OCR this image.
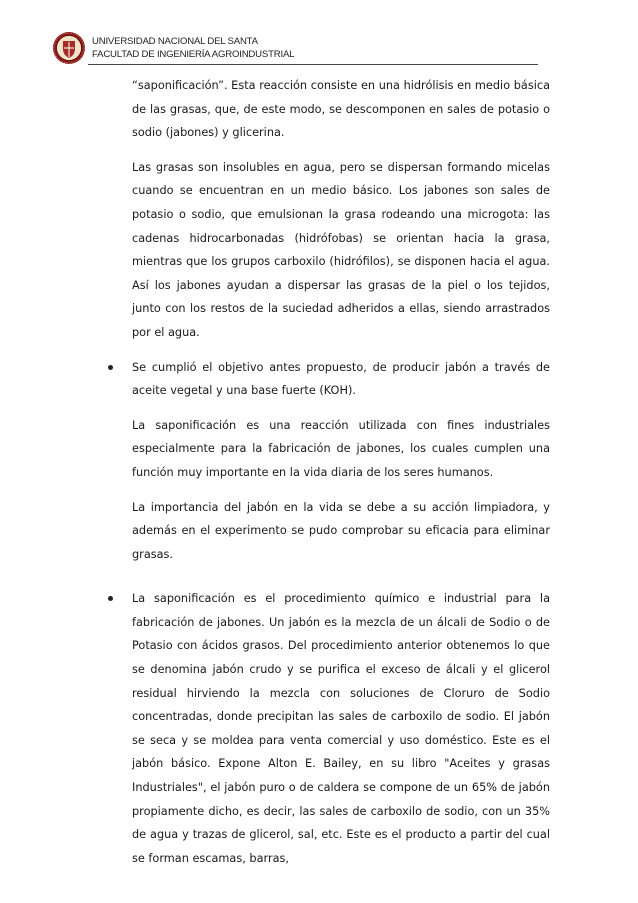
UNIVERSIDAD NACIONAL DEL SANTA
FACULTAD DE INGENIERÍA AGROINDUSTRIAL
“saponificación”. Esta reacción consiste en una hidrólisis en medio básica de las grasas, que, de este modo, se descomponen en sales de potasio o sodio (jabones) y glicerina.
Las grasas son insolubles en agua, pero se dispersan formando micelas cuando se encuentran en un medio básico. Los jabones son sales de potasio o sodio, que emulsionan la grasa rodeando una microgota: las cadenas hidrocarbonadas (hidrófobas) se orientan hacia la grasa, mientras que los grupos carboxilo (hidrófilos), se disponen hacia el agua. Así los jabones ayudan a dispersar las grasas de la piel o los tejidos, junto con los restos de la suciedad adheridos a ellas, siendo arrastrados por el agua.
Se cumplió el objetivo antes propuesto, de producir jabón a través de aceite vegetal y una base fuerte (KOH).
La saponificación es una reacción utilizada con fines industriales especialmente para la fabricación de jabones, los cuales cumplen una función muy importante en la vida diaria de los seres humanos.
La importancia del jabón en la vida se debe a su acción limpiadora, y además en el experimento se pudo comprobar su eficacia para eliminar grasas.
La saponificación es el procedimiento químico e industrial para la fabricación de jabones. Un jabón es la mezcla de un álcali de Sodio o de Potasio con ácidos grasos. Del procedimiento anterior obtenemos lo que se denomina jabón crudo y se purifica el exceso de álcali y el glicerol residual hirviendo la mezcla con soluciones de Cloruro de Sodio concentradas, donde precipitan las sales de carboxilo de sodio. El jabón se seca y se moldea para venta comercial y uso doméstico. Este es el jabón básico. Expone Alton E. Bailey, en su libro "Aceites y grasas Industriales", el jabón puro o de caldera se compone de un 65% de jabón propiamente dicho, es decir, las sales de carboxilo de sodio, con un 35% de agua y trazas de glicerol, sal, etc. Este es el producto a partir del cual se forman escamas, barras,
